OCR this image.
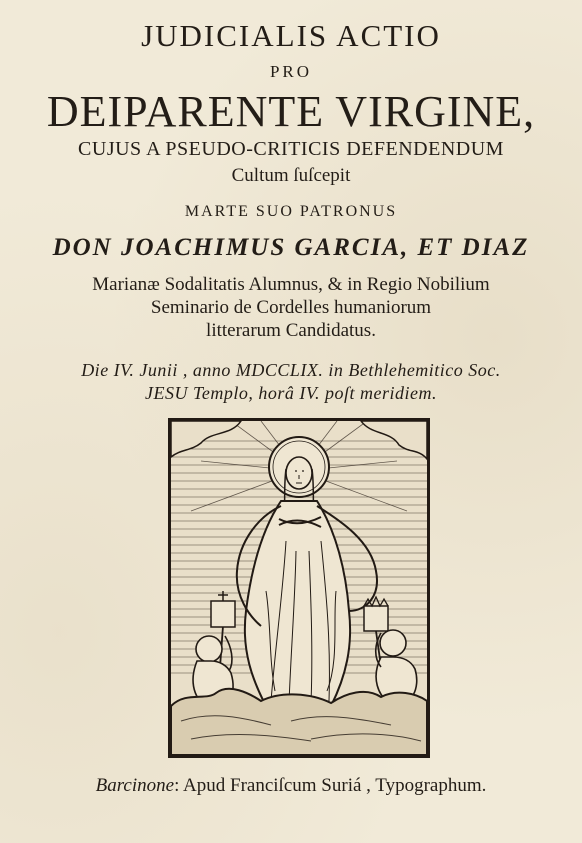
JUDICIALIS ACTIO
PRO
DEIPARENTE VIRGINE,
CUJUS A PSEUDO-CRITICIS DEFENDENDUM
Cultum ſuſcepit
MARTE SUO PATRONUS
DON JOACHIMUS GARCIA, ET DIAZ
Marianæ Sodalitatis Alumnus, & in Regio Nobilium
Seminario de Cordelles humaniorum
litterarum Candidatus.
Die IV. Junii , anno MDCCLIX. in Bethlehemitico Soc.
JESU Templo, horâ IV. poſt meridiem.
Barcinone: Apud Franciſcum Suriá , Typographum.
